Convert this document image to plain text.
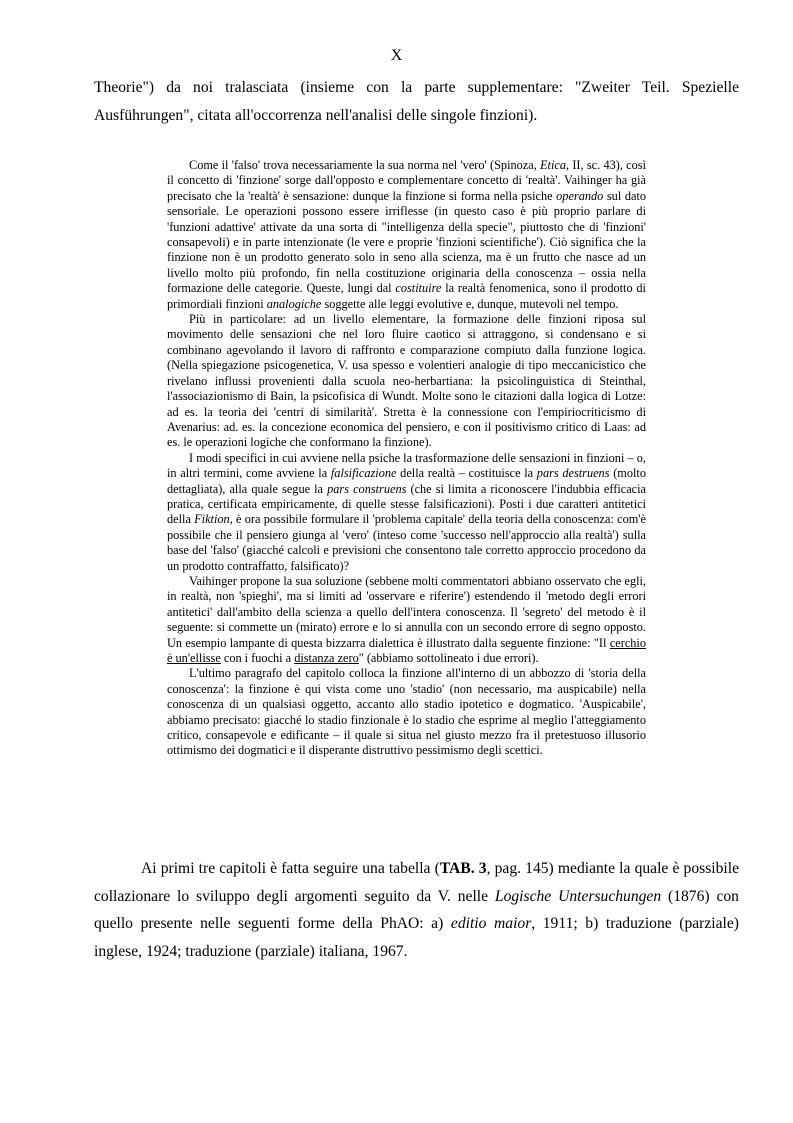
X

Theorie") da noi tralasciata (insieme con la parte supplementare: "Zweiter Teil. Spezielle Ausführungen", citata all'occorrenza nell'analisi delle singole finzioni).

Come il 'falso' trova necessariamente la sua norma nel 'vero' (Spinoza, Etica, II, sc. 43), così il concetto di 'finzione' sorge dall'opposto e complementare concetto di 'realtà'. Vaihinger ha già precisato che la 'realtà' è sensazione: dunque la finzione si forma nella psiche operando sul dato sensoriale. Le operazioni possono essere irriflesse (in questo caso è più proprio parlare di 'funzioni adattive' attivate da una sorta di "intelligenza della specie", piuttosto che di 'finzioni' consapevoli) e in parte intenzionate (le vere e proprie 'finzioni scientifiche'). Ciò significa che la finzione non è un prodotto generato solo in seno alla scienza, ma è un frutto che nasce ad un livello molto più profondo, fin nella costituzione originaria della conoscenza – ossia nella formazione delle categorie. Queste, lungi dal costituire la realtà fenomenica, sono il prodotto di primordiali finzioni analogiche soggette alle leggi evolutive e, dunque, mutevoli nel tempo.

Più in particolare: ad un livello elementare, la formazione delle finzioni riposa sul movimento delle sensazioni che nel loro fluire caotico si attraggono, si condensano e si combinano agevolando il lavoro di raffronto e comparazione compiuto dalla funzione logica. (Nella spiegazione psicogenetica, V. usa spesso e volentieri analogie di tipo meccanicistico che rivelano influssi provenienti dalla scuola neo-herbartiana: la psicolinguistica di Steinthal, l'associazionismo di Bain, la psicofisica di Wundt. Molte sono le citazioni dalla logica di Lotze: ad es. la teoria dei 'centri di similarità'. Stretta è la connessione con l'empiriocriticismo di Avenarius: ad. es. la concezione economica del pensiero, e con il positivismo critico di Laas: ad es. le operazioni logiche che conformano la finzione).

I modi specifici in cui avviene nella psiche la trasformazione delle sensazioni in finzioni – o, in altri termini, come avviene la falsificazione della realtà – costituisce la pars destruens (molto dettagliata), alla quale segue la pars construens (che si limita a riconoscere l'indubbia efficacia pratica, certificata empiricamente, di quelle stesse falsificazioni). Posti i due caratteri antitetici della Fiktion, è ora possibile formulare il 'problema capitale' della teoria della conoscenza: com'è possibile che il pensiero giunga al 'vero' (inteso come 'successo nell'approccio alla realtà') sulla base del 'falso' (giacché calcoli e previsioni che consentono tale corretto approccio procedono da un prodotto contraffatto, falsificato)?

Vaihinger propone la sua soluzione (sebbene molti commentatori abbiano osservato che egli, in realtà, non 'spieghi', ma si limiti ad 'osservare e riferire') estendendo il 'metodo degli errori antitetici' dall'ambito della scienza a quello dell'intera conoscenza. Il 'segreto' del metodo è il seguente: si commette un (mirato) errore e lo si annulla con un secondo errore di segno opposto. Un esempio lampante di questa bizzarra dialettica è illustrato dalla seguente finzione: "Il cerchio è un'ellisse con i fuochi a distanza zero" (abbiamo sottolineato i due errori).

L'ultimo paragrafo del capitolo colloca la finzione all'interno di un abbozzo di 'storia della conoscenza': la finzione è qui vista come uno 'stadio' (non necessario, ma auspicabile) nella conoscenza di un qualsiasi oggetto, accanto allo stadio ipotetico e dogmatico. 'Auspicabile', abbiamo precisato: giacché lo stadio finzionale è lo stadio che esprime al meglio l'atteggiamento critico, consapevole e edificante – il quale si situa nel giusto mezzo fra il pretestuoso illusorio ottimismo dei dogmatici e il disperante distruttivo pessimismo degli scettici.

Ai primi tre capitoli è fatta seguire una tabella (TAB. 3, pag. 145) mediante la quale è possibile collazionare lo sviluppo degli argomenti seguito da V. nelle Logische Untersuchungen (1876) con quello presente nelle seguenti forme della PhAO: a) editio maior, 1911; b) traduzione (parziale) inglese, 1924; traduzione (parziale) italiana, 1967.
